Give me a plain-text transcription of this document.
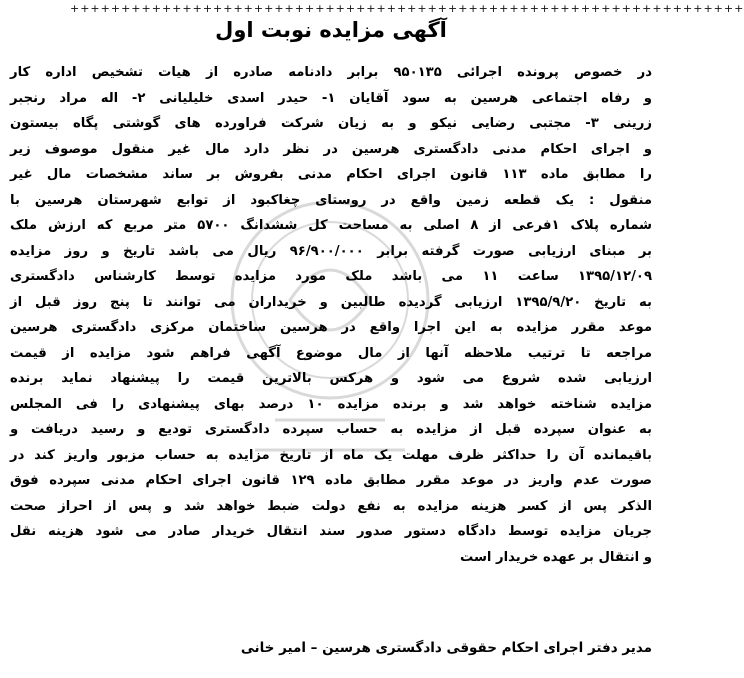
++++++++++++++++++++++++++++++++++++++++++++++++++++++++++++++++++
آگهی مزایده نوبت اول
در خصوص پرونده اجرائی ۹۵۰۱۳۵ برابر دادنامه صادره از هیات تشخیص اداره کار
و رفاه اجتماعی هرسین به سود آقایان ۱- حیدر اسدی خلیلیانی ۲- اله مراد رنجبر
زرینی ۳- مجتبی رضایی نیکو و به زیان شرکت فراورده های گوشتی پگاه بیستون
و اجرای احکام مدنی دادگستری هرسین در نظر دارد مال غیر منقول موصوف زیر
را مطابق ماده ۱۱۳ قانون اجرای احکام مدنی بفروش بر ساند مشخصات مال غیر
منقول : یک قطعه زمین واقع در روستای چغاکبود از توابع شهرستان هرسین با
شماره پلاک ۱فرعی از ۸ اصلی به مساحت کل ششدانگ ۵۷۰۰ متر مربع که ارزش ملک
بر مبنای ارزیابی صورت گرفته برابر ۹۶/۹۰۰/۰۰۰ ریال می باشد تاریخ و روز مزایده
۱۳۹۵/۱۲/۰۹ ساعت ۱۱ می باشد ملک مورد مزایده توسط کارشناس دادگستری
به تاریخ ۱۳۹۵/۹/۲۰ ارزیابی گردیده طالبین و خریداران می توانند تا پنج روز قبل از
موعد مقرر مزایده به این اجرا واقع در هرسین ساختمان مرکزی دادگستری هرسین
مراجعه تا ترتیب ملاحظه آنها از مال موضوع آگهی فراهم شود مزایده از قیمت
ارزیابی شده شروع می شود و هرکس بالاترین قیمت را پیشنهاد نماید برنده
مزایده شناخته خواهد شد و برنده مزایده ۱۰ درصد بهای پیشنهادی را فی المجلس
به عنوان سپرده قبل از مزایده به حساب سپرده دادگستری تودیع و رسید دریافت و
باقیمانده آن را حداکثر ظرف مهلت یک ماه از تاریخ مزایده به حساب مزبور واریز کند در
صورت عدم واریز در موعد مقرر مطابق ماده ۱۲۹ قانون اجرای احکام مدنی سپرده فوق
الذکر پس از کسر هزینه مزایده به نفع دولت ضبط خواهد شد و پس از احراز صحت
جریان مزایده توسط دادگاه دستور صدور سند انتقال خریدار صادر می شود هزینه نقل
و انتقال بر عهده خریدار است
مدیر دفتر اجرای احکام حقوقی دادگستری هرسین – امیر خانی
